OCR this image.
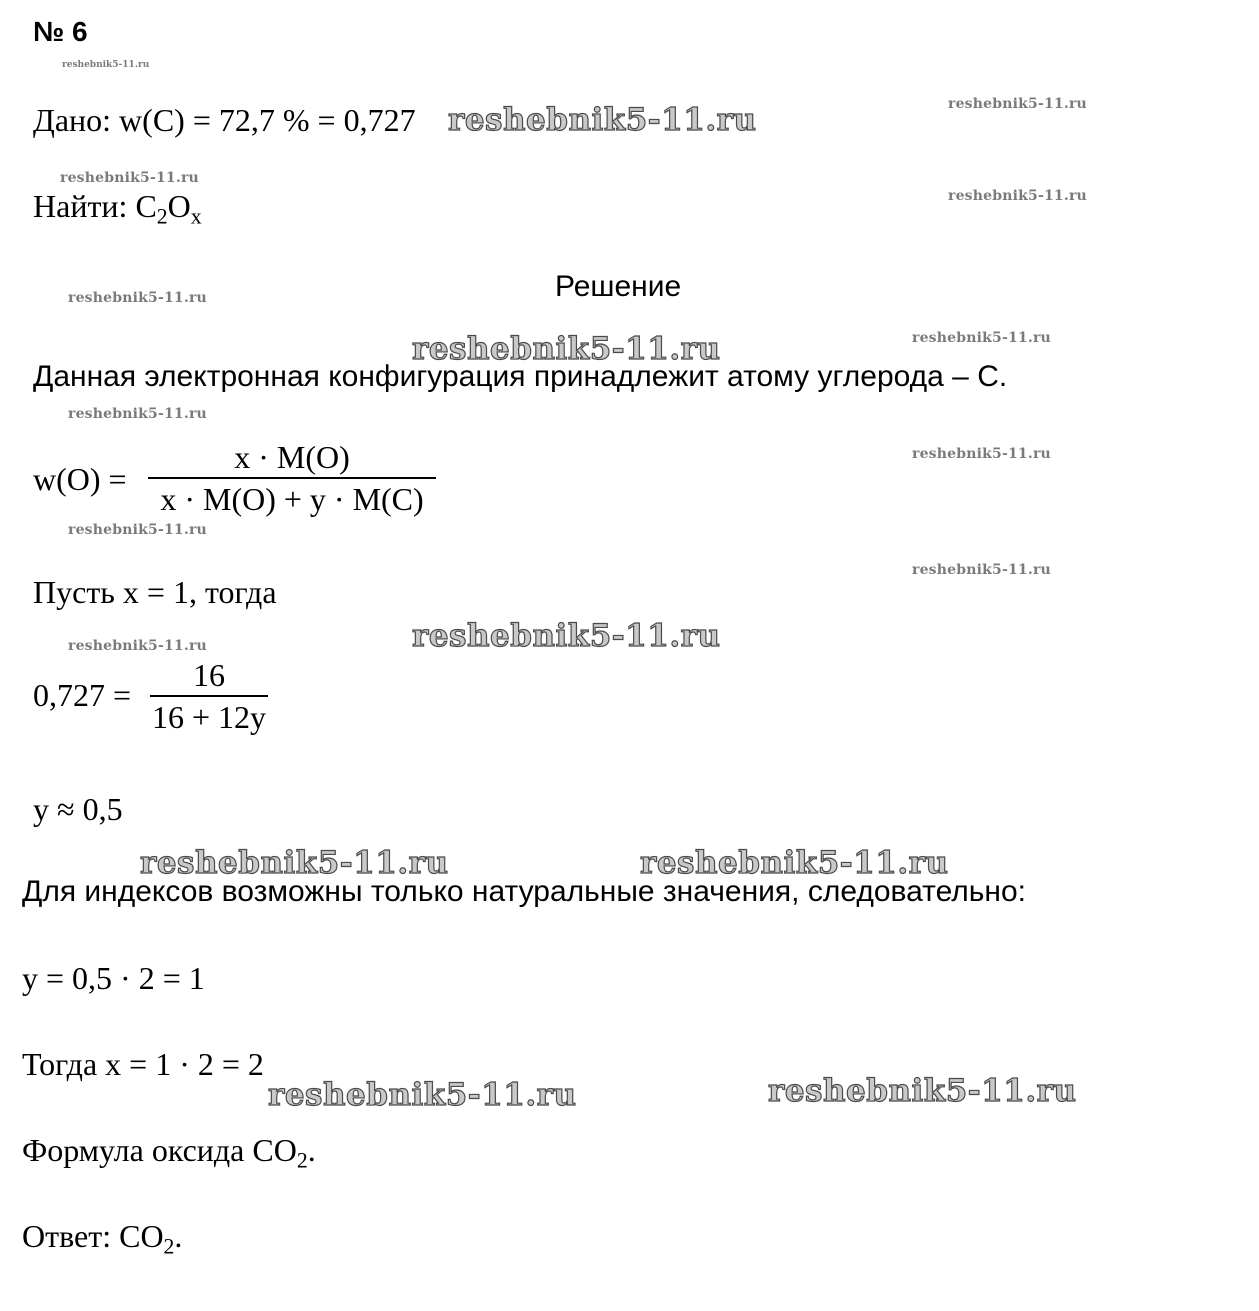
№ 6
Дано: w(C) = 72,7 % = 0,727
Найти: $C_2O_x$
Решение
Данная электронная конфигурация принадлежит атому углерода – С.
w(O) =
x · M(O)
x · M(O) + y · M(C)
Пусть x = 1, тогда
0,727 =
16
16 + 12y
y ≈ 0,5
Для индексов возможны только натуральные значения, следовательно:
y = 0,5 · 2 = 1
Тогда x = 1 · 2 = 2
Формула оксида $CO_2$.
Ответ: $CO_2$.
reshebnik5-11.ru
reshebnik5-11.ru
reshebnik5-11.ru
reshebnik5-11.ru
reshebnik5-11.ru
reshebnik5-11.ru
reshebnik5-11.ru	reshebnik5-11.ru
reshebnik5-11.ru
reshebnik5-11.ru
reshebnik5-11.ru
reshebnik5-11.ru
reshebnik5-11.ru
reshebnik5-11.ru
reshebnik5-11.ru	reshebnik5-11.ru
reshebnik5-11.ru	reshebnik5-11.ru
